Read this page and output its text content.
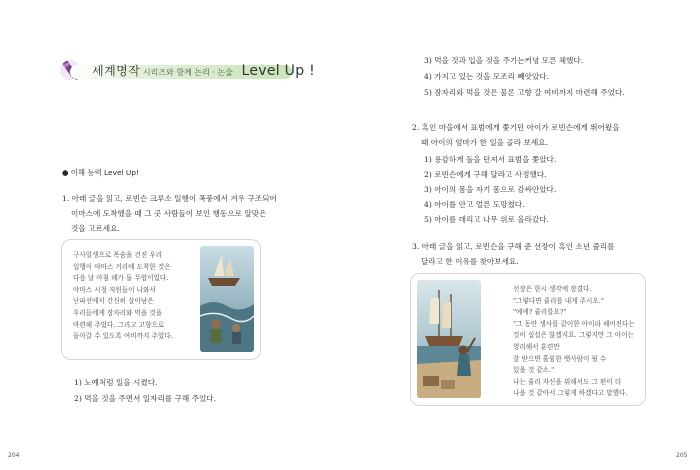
세계명작 시리즈와 함께 논리 · 논술 Level Up !
● 이해 능력 Level Up!
1. 아래 글을 읽고, 로빈슨 크루소 일행이 폭풍에서 겨우 구조되어
이마스에 도착했을 때 그 곳 사람들이 보인 행동으로 알맞은
것을 고르세요.
구사일생으로 목숨을 건진 우리
일행이 야마스 거리에 도착한 것은
다음 날 아침 해가 둘 무렵이었다.
야마스 시청 직원들이 나와서
난파선에서 간신히 살아남은
우리들에게 잠자리와 먹을 것을
마련해 주었다. 그리고 고향으로
돌아갈 수 있도록 여비까지 주었다.
1) 노예처럼 일을 시켰다.
2) 먹을 것을 주면서 일자리를 구해 주었다.
204
3) 먹을 것과 입을 것을 주기는커녕 모른 체했다.
4) 가지고 있는 것을 모조리 빼앗았다.
5) 잠자리와 먹을 것은 물론 고향 갈 여비까지 마련해 주었다.
2. 흑인 마을에서 표범에게 쫓기던 아이가 로빈슨에게 뛰어왔을
때 아이의 엄마가 한 일을 골라 보세요.
1) 용감하게 돌을 던져서 표범을 쫓았다.
2) 로빈슨에게 구해 달라고 사정했다.
3) 아이의 몸을 자기 몸으로 감싸안았다.
4) 아이를 안고 얼른 도망쳤다.
5) 아이를 데리고 나무 위로 올라갔다.
3. 아래 글을 읽고, 로빈슨을 구해 준 선장이 흑인 소년 쥴리를
달라고 한 이유를 찾아보세요.
선장은 한시 생각에 잠겼다.
"그렇다면 쥴리를 내게 주시오."
"예에? 쥴리를요?"
"그 동안 생사를 같이한 아이라 헤어진다는
것이 섭섭은 않겠지요. 그렇지만 그 아이는
영리해서 훈련만
잘 받으면 훌륭한 뱃사람이 될 수
있을 것 같소."
나는 쥴리 자신을 위해서도 그 편이 더
나을 것 같아서 그렇게 하겠다고 말했다.
205
